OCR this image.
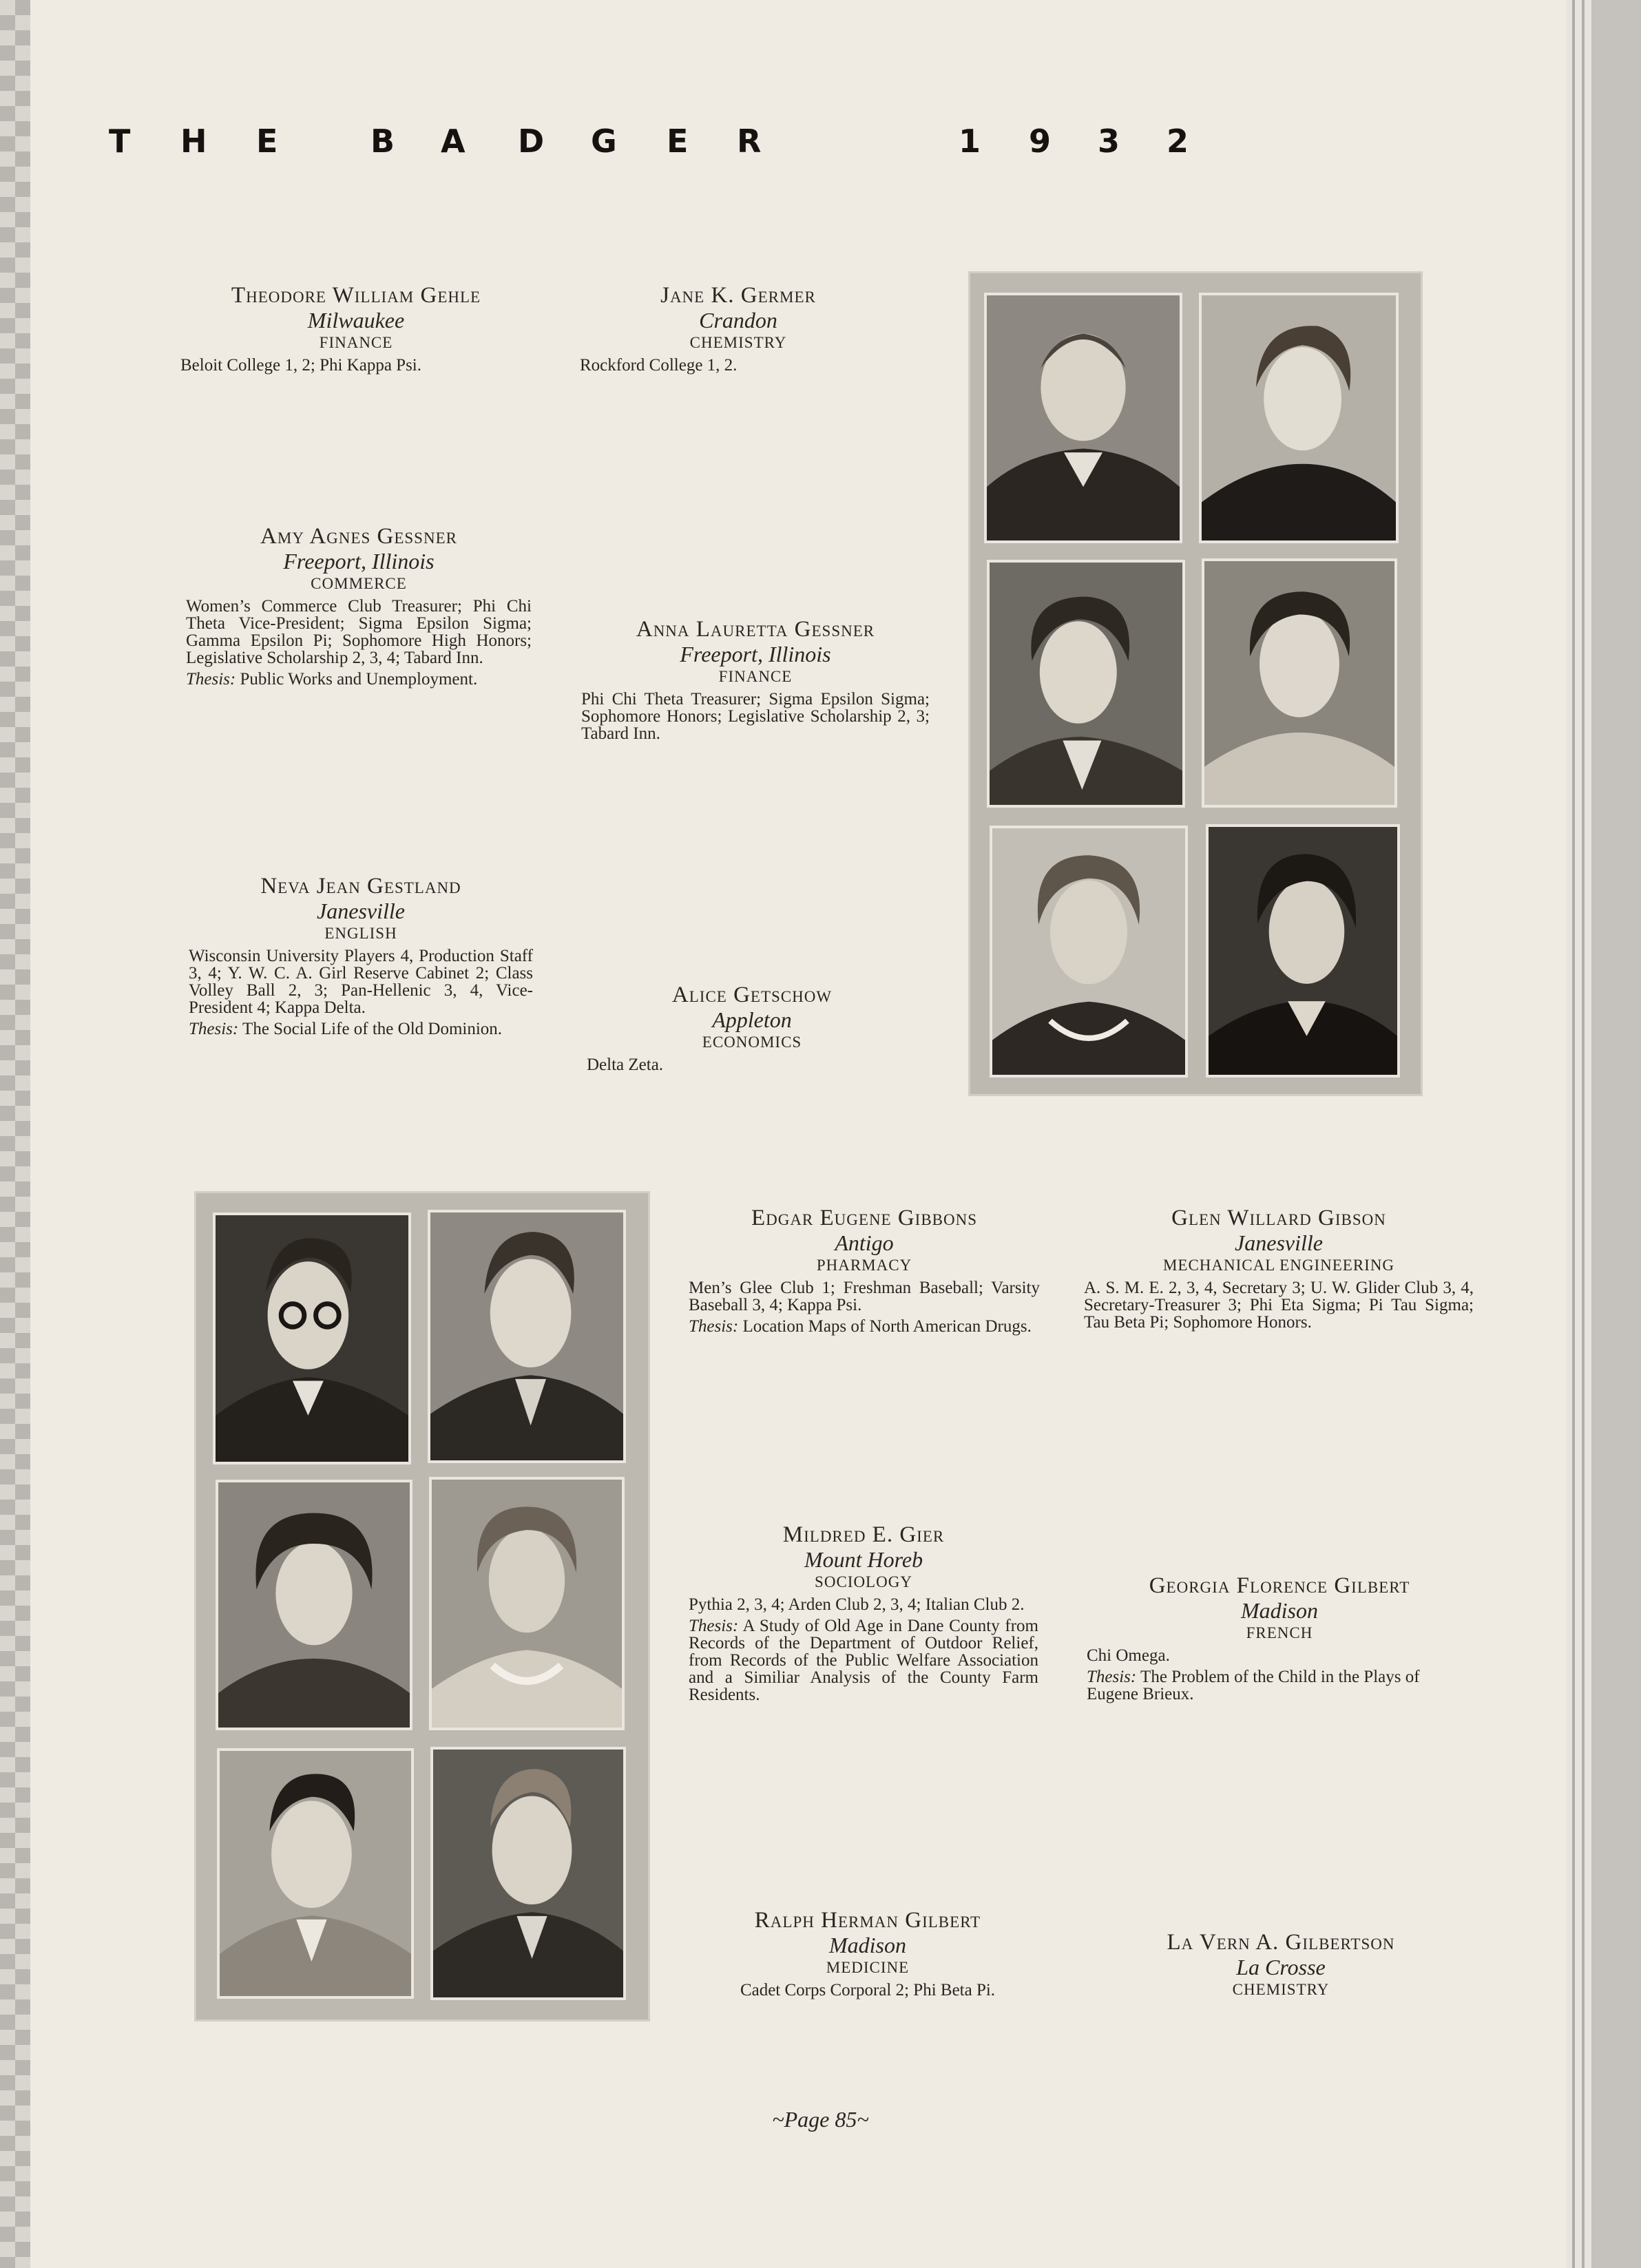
T H E	B A D G E R	1 9 3 2
Theodore William Gehle
Milwaukee
FINANCE
Beloit College 1, 2; Phi Kappa Psi.
Jane K. Germer
Crandon
CHEMISTRY
Rockford College 1, 2.
Amy Agnes Gessner
Freeport, Illinois
COMMERCE
Women’s Commerce Club Treasurer; Phi Chi Theta Vice-President; Sigma Epsilon Sigma; Gamma Epsilon Pi; Sophomore High Honors; Legislative Scholarship 2, 3, 4; Tabard Inn.
Thesis: Public Works and Unemployment.
Anna Lauretta Gessner
Freeport, Illinois
FINANCE
Phi Chi Theta Treasurer; Sigma Epsilon Sigma; Sophomore Honors; Legislative Scholarship 2, 3; Tabard Inn.
Neva Jean Gestland
Janesville
ENGLISH
Wisconsin University Players 4, Production Staff 3, 4; Y. W. C. A. Girl Reserve Cabinet 2; Class Volley Ball 2, 3; Pan-Hellenic 3, 4, Vice-President 4; Kappa Delta.
Thesis: The Social Life of the Old Dominion.
Alice Getschow
Appleton
ECONOMICS
Delta Zeta.
Edgar Eugene Gibbons
Antigo
PHARMACY
Men’s Glee Club 1; Freshman Baseball; Varsity Baseball 3, 4; Kappa Psi.
Thesis: Location Maps of North American Drugs.
Glen Willard Gibson
Janesville
MECHANICAL ENGINEERING
A. S. M. E. 2, 3, 4, Secretary 3; U. W. Glider Club 3, 4, Secretary-Treasurer 3; Phi Eta Sigma; Pi Tau Sigma; Tau Beta Pi; Sophomore Honors.
Mildred E. Gier
Mount Horeb
SOCIOLOGY
Pythia 2, 3, 4; Arden Club 2, 3, 4; Italian Club 2.
Thesis: A Study of Old Age in Dane County from Records of the Department of Outdoor Relief, from Records of the Public Welfare Association and a Similiar Analysis of the County Farm Residents.
Georgia Florence Gilbert
Madison
FRENCH
Chi Omega.
Thesis: The Problem of the Child in the Plays of Eugene Brieux.
Ralph Herman Gilbert
Madison
MEDICINE
Cadet Corps Corporal 2; Phi Beta Pi.
La Vern A. Gilbertson
La Crosse
CHEMISTRY
~Page 85~
